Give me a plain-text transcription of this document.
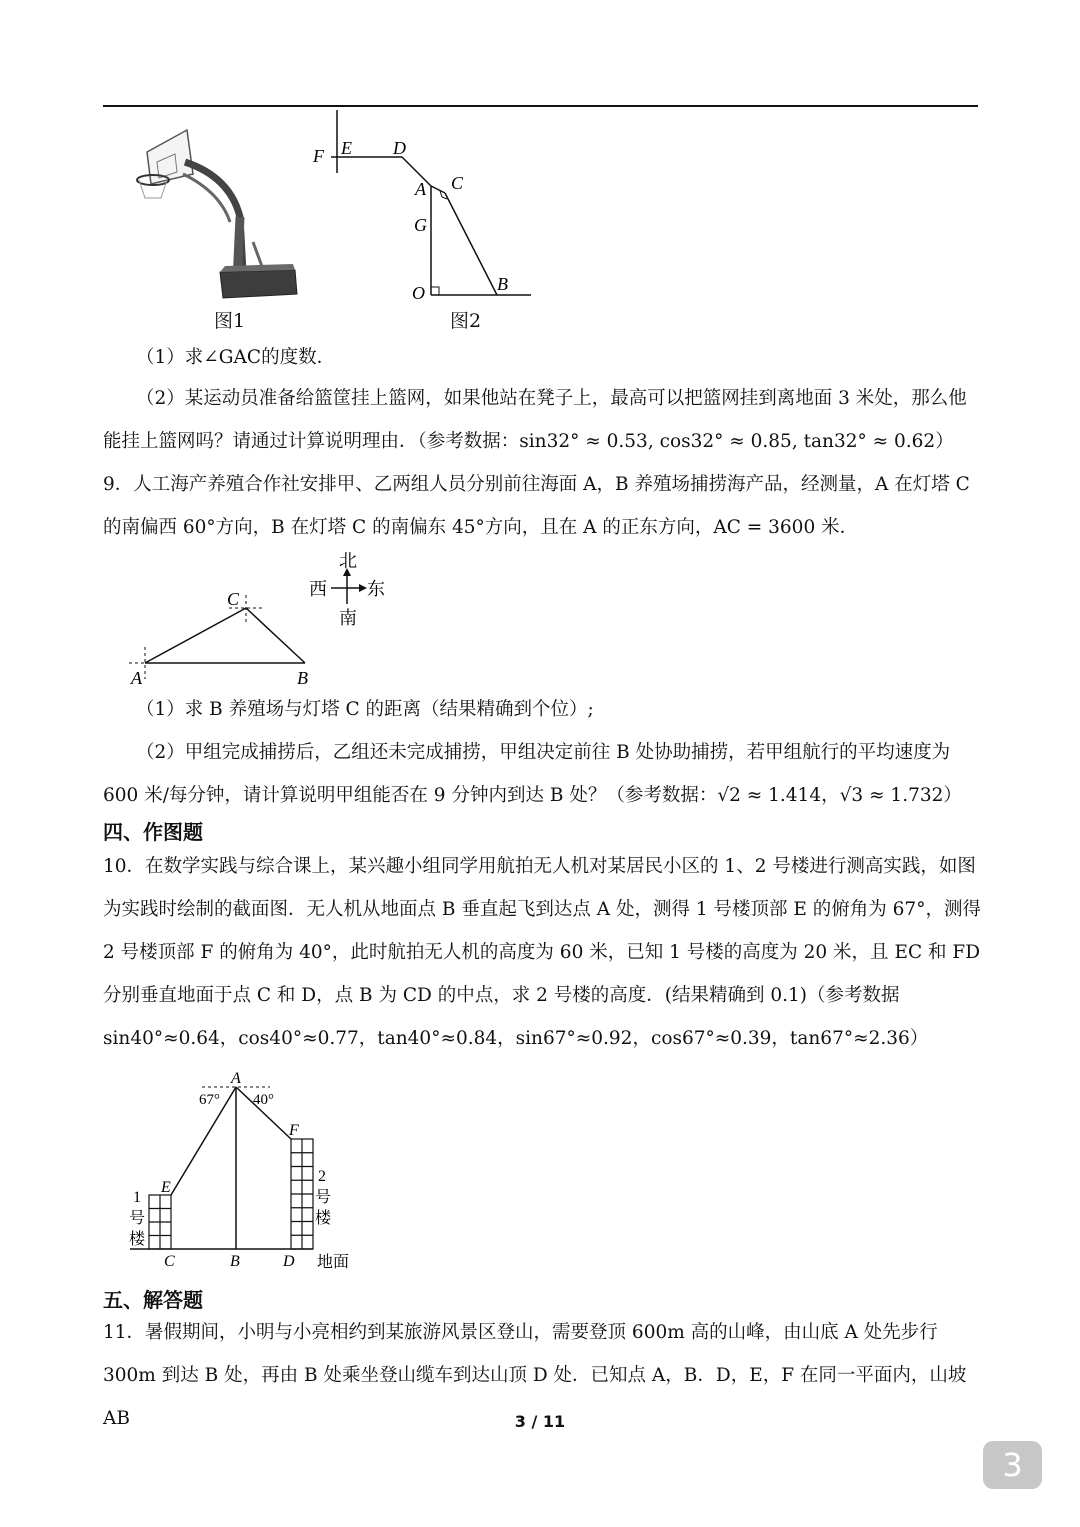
图1
F E D
A C
G
O	B
图2

（1）求∠GAC的度数．

（2）某运动员准备给篮筐挂上篮网，如果他站在凳子上，最高可以把篮网挂到离地面 3 米处，那么他能挂上篮网吗？请通过计算说明理由．（参考数据：sin32° ≈ 0.53, cos32° ≈ 0.85, tan32° ≈ 0.62）

9．人工海产养殖合作社安排甲、乙两组人员分别前往海面 A，B 养殖场捕捞海产品，经测量，A 在灯塔 C 的南偏西 60°方向，B 在灯塔 C 的南偏东 45°方向，且在 A 的正东方向，AC = 3600 米．

C
A	B
北
西 东
南

（1）求 B 养殖场与灯塔 C 的距离（结果精确到个位）;

（2）甲组完成捕捞后，乙组还未完成捕捞，甲组决定前往 B 处协助捕捞，若甲组航行的平均速度为 600 米/每分钟，请计算说明甲组能否在 9 分钟内到达 B 处？（参考数据：√2 ≈ 1.414，√3 ≈ 1.732）

四、作图题

10．在数学实践与综合课上，某兴趣小组同学用航拍无人机对某居民小区的 1、2 号楼进行测高实践，如图为实践时绘制的截面图．无人机从地面点 B 垂直起飞到达点 A 处，测得 1 号楼顶部 E 的俯角为 67°，测得 2 号楼顶部 F 的俯角为 40°，此时航拍无人机的高度为 60 米，已知 1 号楼的高度为 20 米，且 EC 和 FD 分别垂直地面于点 C 和 D，点 B 为 CD 的中点，求 2 号楼的高度．(结果精确到 0.1)（参考数据 sin40°≈0.64，cos40°≈0.77，tan40°≈0.84，sin67°≈0.92，cos67°≈0.39，tan67°≈2.36）

A
67° 40°
E
F
1
号
楼
2
号
楼
C	B	D 地面
五、解答题

11．暑假期间，小明与小亮相约到某旅游风景区登山，需要登顶 600m 高的山峰，由山底 A 处先步行 300m 到达 B 处，再由 B 处乘坐登山缆车到达山顶 D 处．已知点 A，B．D，E，F 在同一平面内，山坡 AB	3 / 11
3
